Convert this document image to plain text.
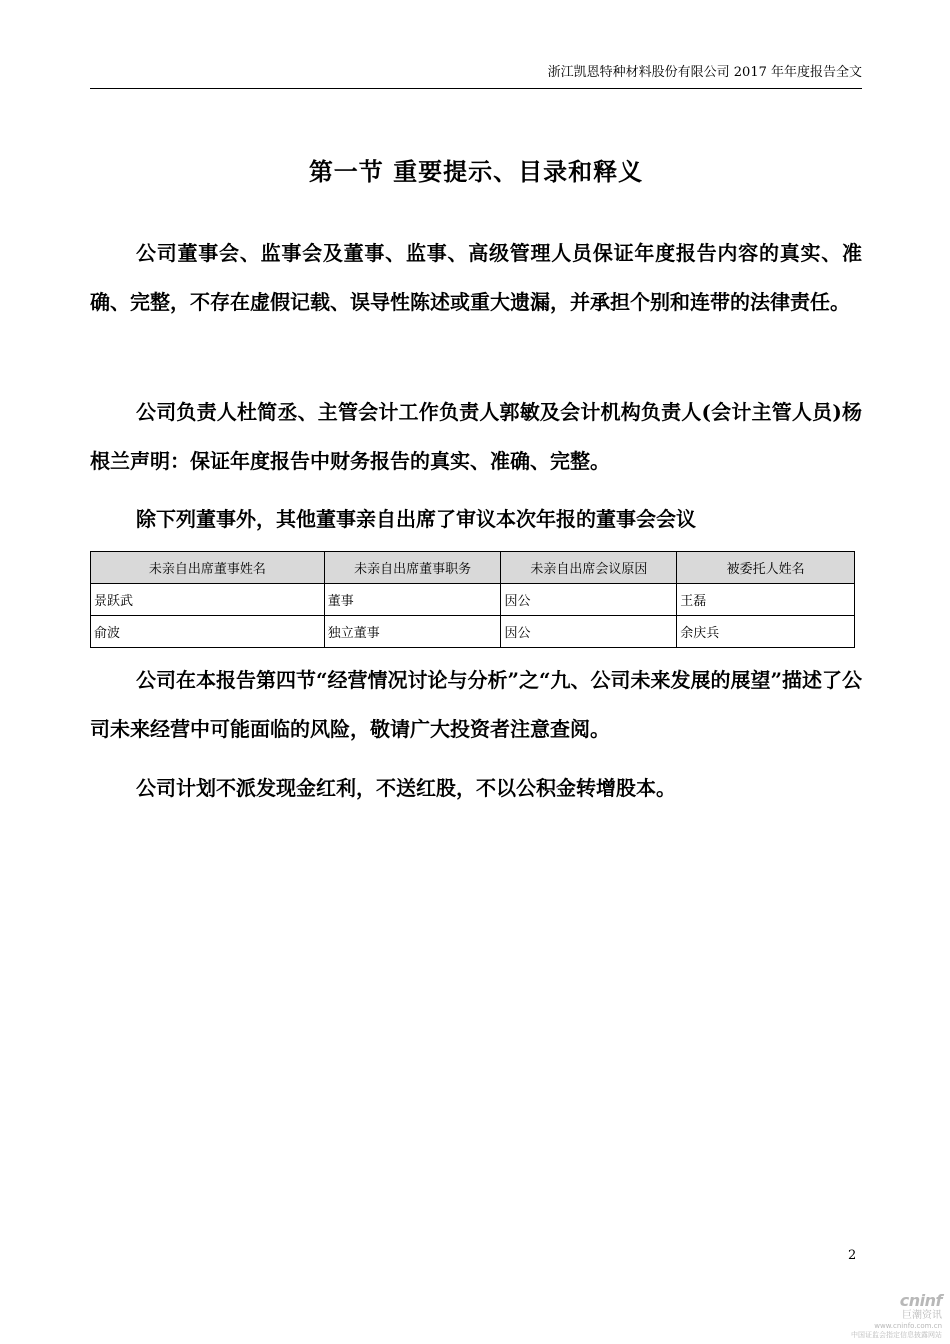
浙江凯恩特种材料股份有限公司 2017 年年度报告全文
第一节 重要提示、目录和释义

公司董事会、监事会及董事、监事、高级管理人员保证年度报告内容的真实、准确、完整，不存在虚假记载、误导性陈述或重大遗漏，并承担个别和连带的法律责任。

公司负责人杜简丞、主管会计工作负责人郭敏及会计机构负责人(会计主管人员)杨根兰声明：保证年度报告中财务报告的真实、准确、完整。

除下列董事外，其他董事亲自出席了审议本次年报的董事会会议

未亲自出席董事姓名	未亲自出席董事职务	未亲自出席会议原因	被委托人姓名
景跃武	董事	因公	王磊
俞波	独立董事	因公	余庆兵

公司在本报告第四节“经营情况讨论与分析”之“九、公司未来发展的展望”描述了公司未来经营中可能面临的风险，敬请广大投资者注意查阅。

公司计划不派发现金红利，不送红股，不以公积金转增股本。

2
cninf
巨潮资讯
www.cninfo.com.cn
中国证监会指定信息披露网站
